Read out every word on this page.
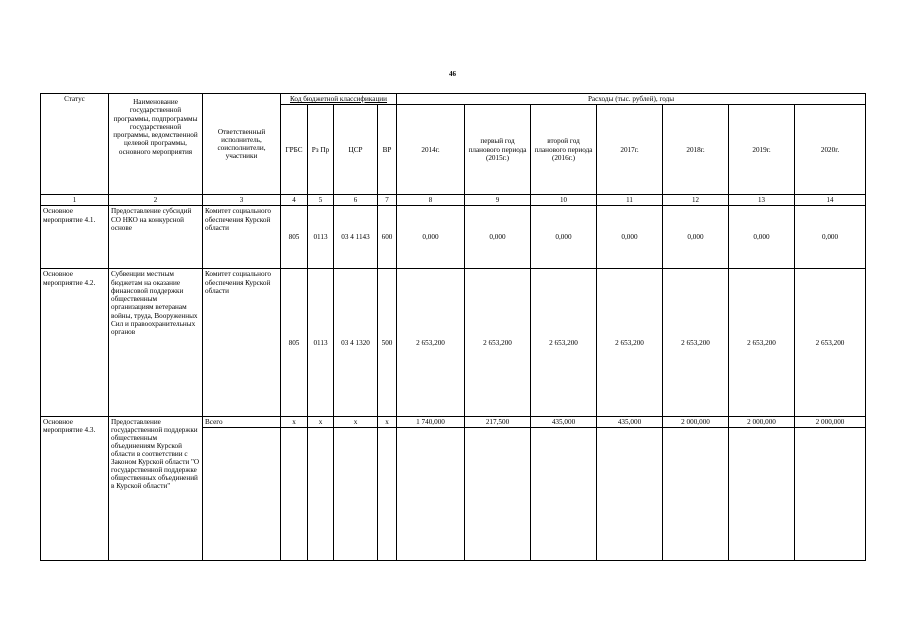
46
Статус	Наименование государственной программы, подпрограммы государственной программы, ведомственной целевой программы, основного мероприятия	Ответственный исполнитель, соисполнители, участники	Код бюджетной классификации				Расходы (тыс. рублей), годы						
			ГРБС	Рз Пр	ЦСР	ВР	2014г.	первый год планового периода (2015г.)	второй год планового периода (2016г.)	2017г.	2018г.	2019г.	2020г.
1	2	3	4	5	6	7	8	9	10	11	12	13	14
Основное мероприятие 4.1.	Предоставление субсидий СО НКО на конкурсной основе	Комитет социального обеспечения Курской области	805	0113	03 4 1143	600	0,000	0,000	0,000	0,000	0,000	0,000	0,000
Основное мероприятие 4.2.	Субвенции местным бюджетам на оказание финансовой поддержки общественным организациям ветеранам войны, труда, Вооруженных Сил и правоохранительных органов	Комитет социального обеспечения Курской области	805	0113	03 4 1320	500	2 653,200	2 653,200	2 653,200	2 653,200	2 653,200	2 653,200	2 653,200
Основное мероприятие 4.3.	Предоставление государственной поддержки общественным объединениям Курской области в соответствии с Законом Курской области "О государственной поддержке общественных объединений в Курской области"	Всего	х	х	х	х	1 740,000	217,500	435,000	435,000	2 000,000	2 000,000	2 000,000
